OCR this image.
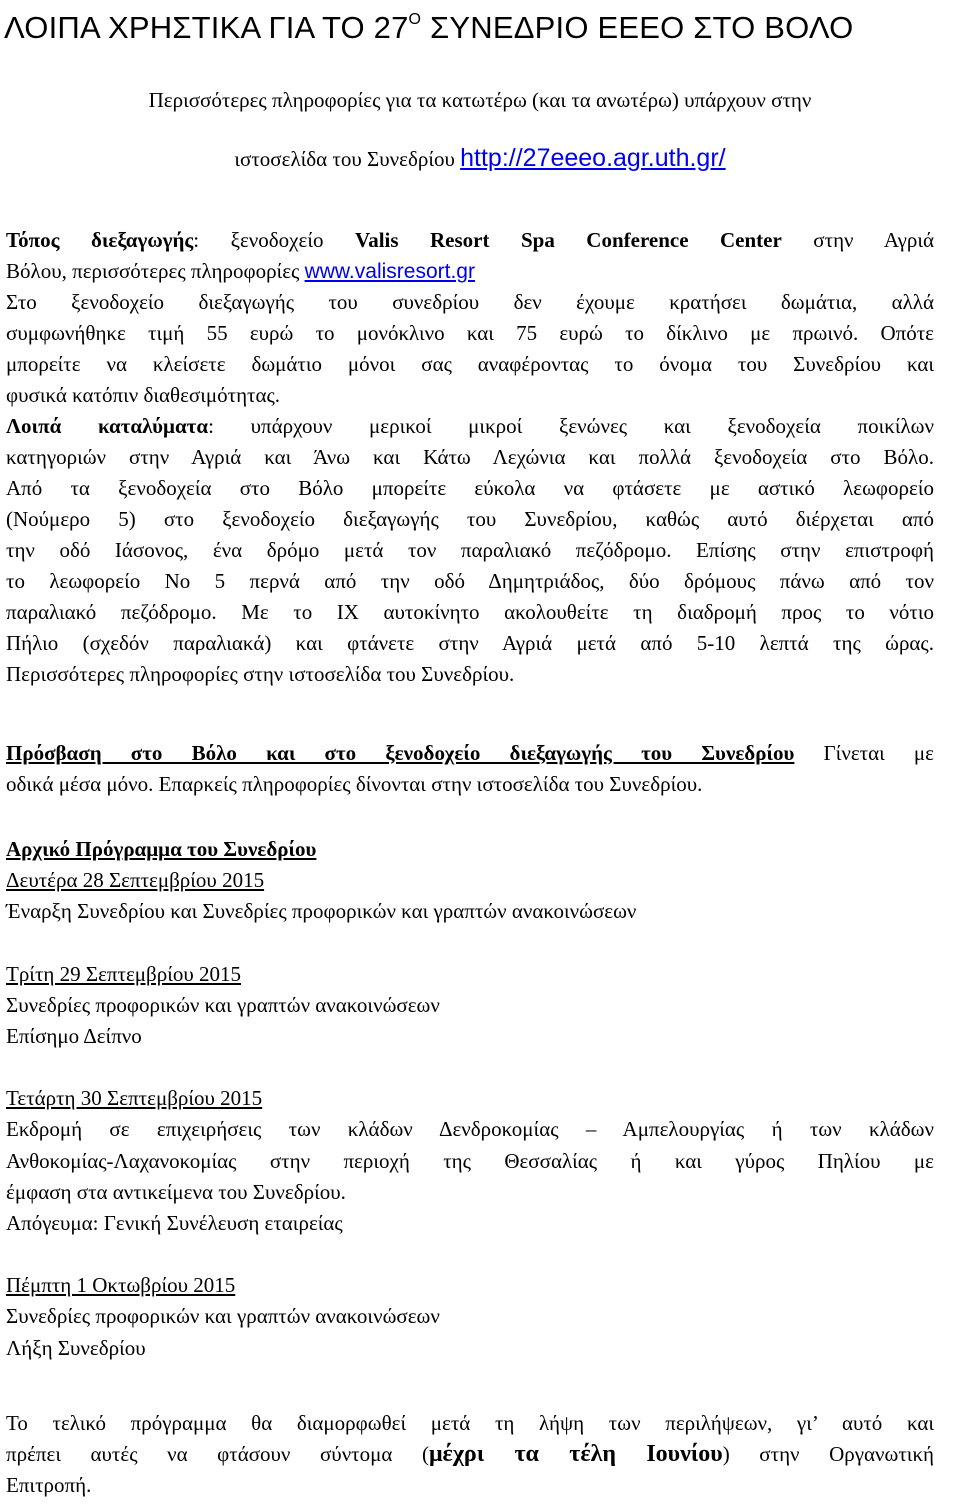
ΛΟΙΠΑ ΧΡΗΣΤΙΚΑ ΓΙΑ ΤΟ $27^O$ ΣΥΝΕΔΡΙΟ ΕΕΕΟ ΣΤΟ ΒΟΛΟ
Περισσότερες πληροφορίες για τα κατωτέρω (και τα ανωτέρω) υπάρχουν στην
ιστοσελίδα του Συνεδρίου http://27eeeo.agr.uth.gr/
Τόπος διεξαγωγής: ξενοδοχείο Valis Resort Spa Conference Center στην Αγριά
Βόλου, περισσότερες πληροφορίες www.valisresort.gr
Στο ξενοδοχείο διεξαγωγής του συνεδρίου δεν έχουμε κρατήσει δωμάτια, αλλά
συμφωνήθηκε τιμή 55 ευρώ το μονόκλινο και 75 ευρώ το δίκλινο με πρωινό. Οπότε
μπορείτε να κλείσετε δωμάτιο μόνοι σας αναφέροντας το όνομα του Συνεδρίου και
φυσικά κατόπιν διαθεσιμότητας.
Λοιπά καταλύματα: υπάρχουν μερικοί μικροί ξενώνες και ξενοδοχεία ποικίλων
κατηγοριών στην Αγριά και Άνω και Κάτω Λεχώνια και πολλά ξενοδοχεία στο Βόλο.
Από τα ξενοδοχεία στο Βόλο μπορείτε εύκολα να φτάσετε με αστικό λεωφορείο
(Νούμερο 5) στο ξενοδοχείο διεξαγωγής του Συνεδρίου, καθώς αυτό διέρχεται από
την οδό Ιάσονος, ένα δρόμο μετά τον παραλιακό πεζόδρομο. Επίσης στην επιστροφή
το λεωφορείο Νο 5 περνά από την οδό Δημητριάδος, δύο δρόμους πάνω από τον
παραλιακό πεζόδρομο. Με το ΙΧ αυτοκίνητο ακολουθείτε τη διαδρομή προς το νότιο
Πήλιο (σχεδόν παραλιακά) και φτάνετε στην Αγριά μετά από 5-10 λεπτά της ώρας.
Περισσότερες πληροφορίες στην ιστοσελίδα του Συνεδρίου.
Πρόσβαση στο Βόλο και στο ξενοδοχείο διεξαγωγής του Συνεδρίου Γίνεται με
οδικά μέσα μόνο. Επαρκείς πληροφορίες δίνονται στην ιστοσελίδα του Συνεδρίου.
Αρχικό Πρόγραμμα του Συνεδρίου
Δευτέρα 28 Σεπτεμβρίου 2015
Έναρξη Συνεδρίου και Συνεδρίες προφορικών και γραπτών ανακοινώσεων
Τρίτη 29 Σεπτεμβρίου 2015
Συνεδρίες προφορικών και γραπτών ανακοινώσεων
Επίσημο Δείπνο
Τετάρτη 30 Σεπτεμβρίου 2015
Εκδρομή σε επιχειρήσεις των κλάδων Δενδροκομίας – Αμπελουργίας ή των κλάδων
Ανθοκομίας-Λαχανοκομίας στην περιοχή της Θεσσαλίας ή και γύρος Πηλίου με
έμφαση στα αντικείμενα του Συνεδρίου.
Απόγευμα: Γενική Συνέλευση εταιρείας
Πέμπτη 1 Οκτωβρίου 2015
Συνεδρίες προφορικών και γραπτών ανακοινώσεων
Λήξη Συνεδρίου
Το τελικό πρόγραμμα θα διαμορφωθεί μετά τη λήψη των περιλήψεων, γι’ αυτό και
πρέπει αυτές να φτάσουν σύντομα (μέχρι τα τέλη Ιουνίου) στην Οργανωτική
Επιτροπή.
